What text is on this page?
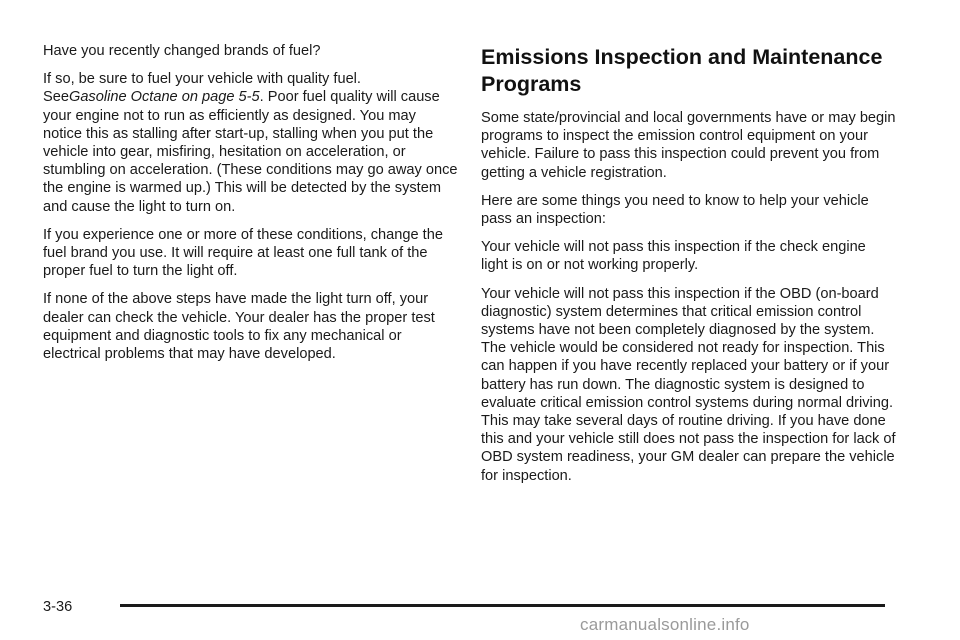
Have you recently changed brands of fuel?

If so, be sure to fuel your vehicle with quality fuel.
SeeGasoline Octane on page 5-5. Poor fuel quality will cause your engine not to run as efficiently as designed. You may notice this as stalling after start-up, stalling when you put the vehicle into gear, misfiring, hesitation on acceleration, or stumbling on acceleration. (These conditions may go away once the engine is warmed up.) This will be detected by the system and cause the light to turn on.

If you experience one or more of these conditions, change the fuel brand you use. It will require at least one full tank of the proper fuel to turn the light off.

If none of the above steps have made the light turn off, your dealer can check the vehicle. Your dealer has the proper test equipment and diagnostic tools to fix any mechanical or electrical problems that may have developed.

Emissions Inspection and Maintenance Programs

Some state/provincial and local governments have or may begin programs to inspect the emission control equipment on your vehicle. Failure to pass this inspection could prevent you from getting a vehicle registration.

Here are some things you need to know to help your vehicle pass an inspection:

Your vehicle will not pass this inspection if the check engine light is on or not working properly.

Your vehicle will not pass this inspection if the OBD (on-board diagnostic) system determines that critical emission control systems have not been completely diagnosed by the system. The vehicle would be considered not ready for inspection. This can happen if you have recently replaced your battery or if your battery has run down. The diagnostic system is designed to evaluate critical emission control systems during normal driving. This may take several days of routine driving. If you have done this and your vehicle still does not pass the inspection for lack of OBD system readiness, your GM dealer can prepare the vehicle for inspection.

3-36
carmanualsonline.info
